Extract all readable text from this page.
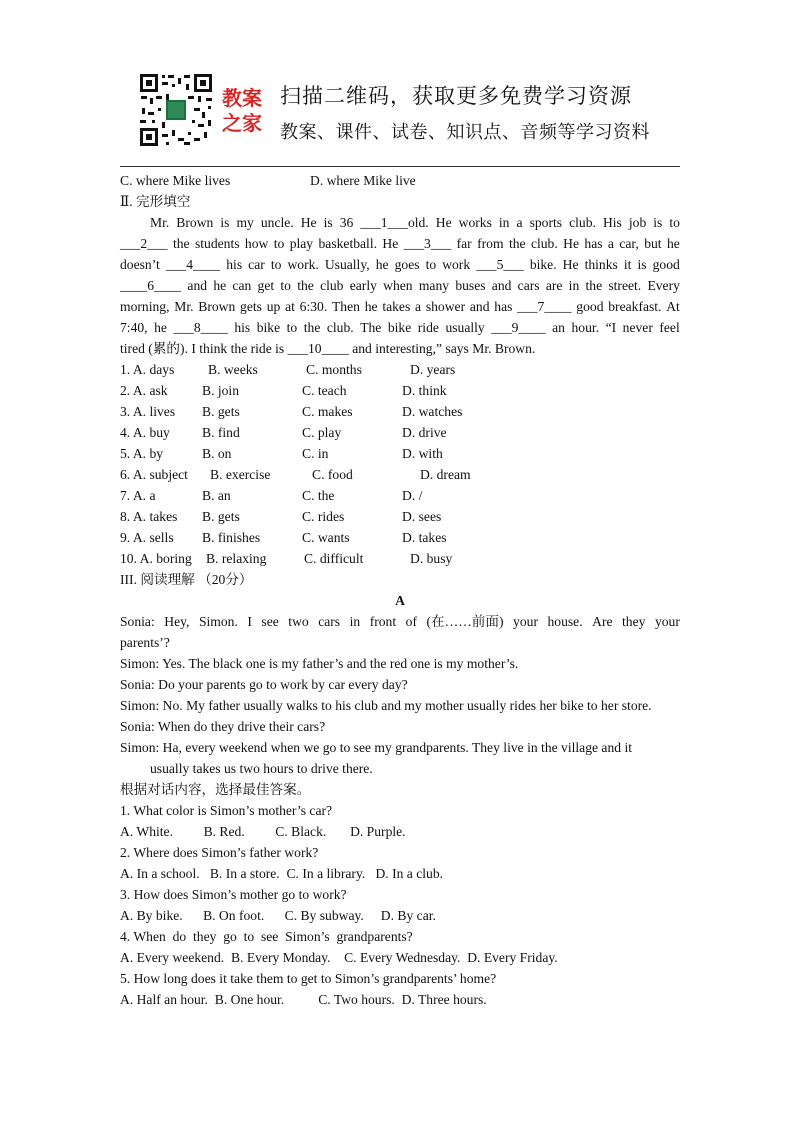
教案
之家
扫描二维码，获取更多免费学习资源
教案、课件、试卷、知识点、音频等学习资料
C. where Mike lives	D. where Mike live
Ⅱ. 完形填空
Mr. Brown is my uncle. He is 36 ___1___old. He works in a sports club. His job is to
___2___ the students how to play basketball. He ___3___ far from the club. He has a car, but he
doesn’t ___4____ his car to work. Usually, he goes to work ___5___ bike. He thinks it is good
____6____ and he can get to the club early when many buses and cars are in the street. Every
morning, Mr. Brown gets up at 6:30. Then he takes a shower and has ___7____ good breakfast. At
7:40, he ___8____ his bike to the club. The bike ride usually ___9____ an hour. “I never feel
tired (累的). I think the ride is ___10____ and interesting,” says Mr. Brown.
1. A. days B. weeks	C. months	D. years
2. A. ask	B. join	C. teach	D. think
3. A. lives B. gets	C. makes	D. watches
4. A. buy B. find	C. play	D. drive
5. A. by	B. on	C. in	D. with
6. A. subject B. exercise	C. food	D. dream
7. A. a	B. an	C. the	D. /
8. A. takes B. gets	C. rides	D. sees
9. A. sells B. finishes	C. wants	D. takes
10. A. boring B. relaxing	C. difficult	D. busy
III. 阅读理解 （20分）
A
Sonia: Hey, Simon. I see two cars in front of (在……前面) your house. Are they your
parents’?
Simon: Yes. The black one is my father’s and the red one is my mother’s.
Sonia: Do your parents go to work by car every day?
Simon: No. My father usually walks to his club and my mother usually rides her bike to her store.
Sonia: When do they drive their cars?
Simon: Ha, every weekend when we go to see my grandparents. They live in the village and it
usually takes us two hours to drive there.
根据对话内容，选择最佳答案。
1. What color is Simon’s mother’s car?
A. White.         B. Red.         C. Black.       D. Purple.
2. Where does Simon’s father work?
A. In a school.   B. In a store.  C. In a library.   D. In a club.
3. How does Simon’s mother go to work?
A. By bike.      B. On foot.      C. By subway.     D. By car.
4. When  do  they  go  to  see  Simon’s  grandparents?
A. Every weekend.  B. Every Monday.    C. Every Wednesday.  D. Every Friday.
5. How long does it take them to get to Simon’s grandparents’ home?
A. Half an hour.  B. One hour.          C. Two hours.  D. Three hours.
